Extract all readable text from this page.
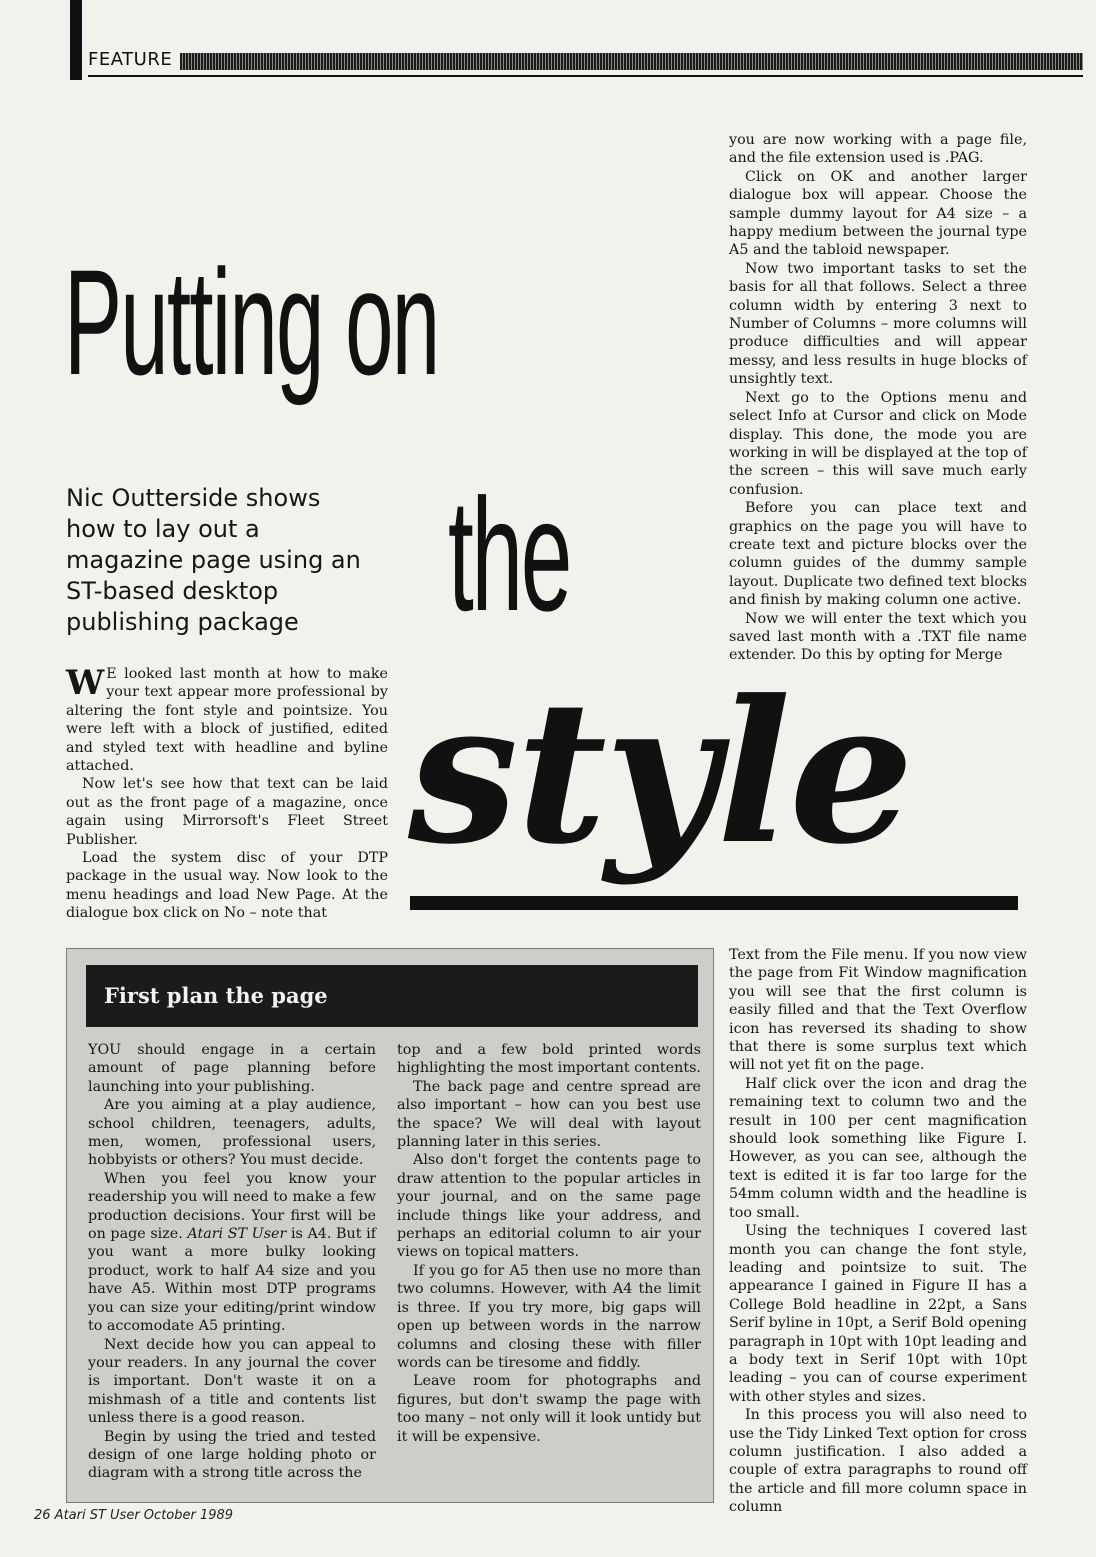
FEATURE
Putting on
the
style
Nic Outterside shows how to lay out a magazine page using an ST-based desktop publishing package

W E looked last month at how to make your text appear more professional by altering the font style and pointsize. You were left with a block of justified, edited and styled text with headline and byline attached.

Now let's see how that text can be laid out as the front page of a magazine, once again using Mirrorsoft's Fleet Street Publisher.

Load the system disc of your DTP package in the usual way. Now look to the menu headings and load New Page. At the dialogue box click on No – note that

you are now working with a page file, and the file extension used is .PAG.

Click on OK and another larger dialogue box will appear. Choose the sample dummy layout for A4 size – a happy medium between the journal type A5 and the tabloid newspaper.

Now two important tasks to set the basis for all that follows. Select a three column width by entering 3 next to Number of Columns – more columns will produce difficulties and will appear messy, and less results in huge blocks of unsightly text.

Next go to the Options menu and select Info at Cursor and click on Mode display. This done, the mode you are working in will be displayed at the top of the screen – this will save much early confusion.

Before you can place text and graphics on the page you will have to create text and picture blocks over the column guides of the dummy sample layout. Duplicate two defined text blocks and finish by making column one active.

Now we will enter the text which you saved last month with a .TXT file name extender. Do this by opting for Merge

First plan the page

YOU should engage in a certain amount of page planning before launching into your publishing.

Are you aiming at a play audience, school children, teenagers, adults, men, women, professional users, hobbyists or others? You must decide.

When you feel you know your readership you will need to make a few production decisions. Your first will be on page size. Atari ST User is A4. But if you want a more bulky looking product, work to half A4 size and you have A5. Within most DTP programs you can size your editing/print window to accomodate A5 printing.

Next decide how you can appeal to your readers. In any journal the cover is important. Don't waste it on a mishmash of a title and contents list unless there is a good reason.

Begin by using the tried and tested design of one large holding photo or diagram with a strong title across the

top and a few bold printed words highlighting the most important contents.

The back page and centre spread are also important – how can you best use the space? We will deal with layout planning later in this series.

Also don't forget the contents page to draw attention to the popular articles in your journal, and on the same page include things like your address, and perhaps an editorial column to air your views on topical matters.

If you go for A5 then use no more than two columns. However, with A4 the limit is three. If you try more, big gaps will open up between words in the narrow columns and closing these with filler words can be tiresome and fiddly.

Leave room for photographs and figures, but don't swamp the page with too many – not only will it look untidy but it will be expensive.

Text from the File menu. If you now view the page from Fit Window magnification you will see that the first column is easily filled and that the Text Overflow icon has reversed its shading to show that there is some surplus text which will not yet fit on the page.

Half click over the icon and drag the remaining text to column two and the result in 100 per cent magnification should look something like Figure I. However, as you can see, although the text is edited it is far too large for the 54mm column width and the headline is too small.

Using the techniques I covered last month you can change the font style, leading and pointsize to suit. The appearance I gained in Figure II has a College Bold headline in 22pt, a Sans Serif byline in 10pt, a Serif Bold opening paragraph in 10pt with 10pt leading and a body text in Serif 10pt with 10pt leading – you can of course experiment with other styles and sizes.

In this process you will also need to use the Tidy Linked Text option for cross column justification. I also added a couple of extra paragraphs to round off the article and fill more column space in column

26 Atari ST User October 1989
